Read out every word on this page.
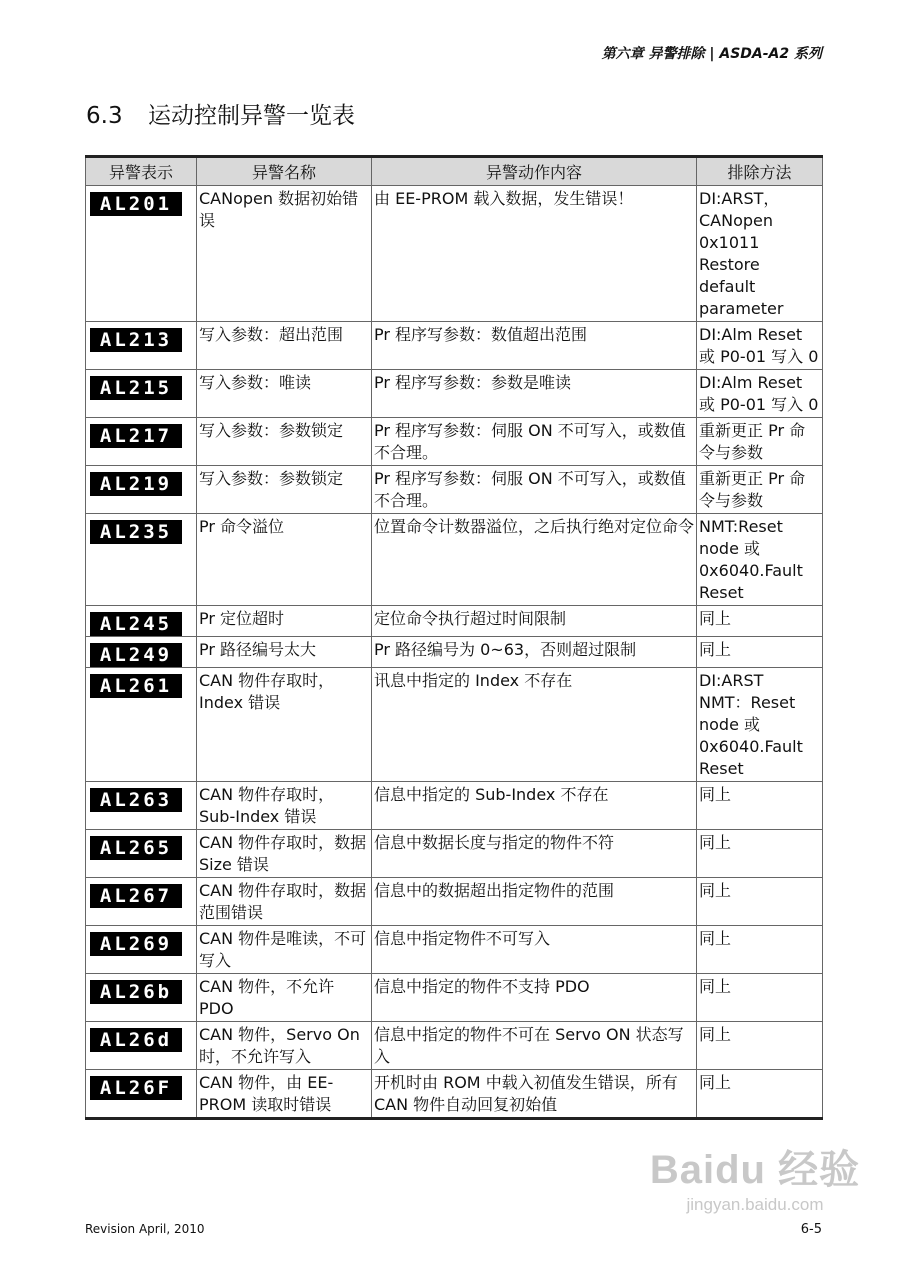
第六章 异警排除 | ASDA-A2 系列
6.3 运动控制异警一览表
异警表示	异警名称	异警动作内容	排除方法
AL201	CANopen 数据初始错误	由 EE-PROM 载入数据，发生错误！	DI:ARST，CANopen 0x1011 Restore default parameter
AL213	写入参数：超出范围	Pr 程序写参数：数值超出范围	DI:Alm Reset 或 P0-01 写入 0
AL215	写入参数：唯读	Pr 程序写参数：参数是唯读	DI:Alm Reset 或 P0-01 写入 0
AL217	写入参数：参数锁定	Pr 程序写参数：伺服 ON 不可写入，或数值不合理。	重新更正 Pr 命令与参数
AL219	写入参数：参数锁定	Pr 程序写参数：伺服 ON 不可写入，或数值不合理。	重新更正 Pr 命令与参数
AL235	Pr 命令溢位	位置命令计数器溢位，之后执行绝对定位命令	NMT:Reset node 或 0x6040.Fault Reset
AL245	Pr 定位超时	定位命令执行超过时间限制	同上
AL249	Pr 路径编号太大	Pr 路径编号为 0~63，否则超过限制	同上
AL261	CAN 物件存取时，Index 错误	讯息中指定的 Index 不存在	DI:ARST NMT：Reset node 或 0x6040.Fault Reset
AL263	CAN 物件存取时，Sub-Index 错误	信息中指定的 Sub-Index 不存在	同上
AL265	CAN 物件存取时，数据 Size 错误	信息中数据长度与指定的物件不符	同上
AL267	CAN 物件存取时，数据范围错误	信息中的数据超出指定物件的范围	同上
AL269	CAN 物件是唯读，不可写入	信息中指定物件不可写入	同上
AL26b	CAN 物件，不允许 PDO	信息中指定的物件不支持 PDO	同上
AL26d	CAN 物件，Servo On 时，不允许写入	信息中指定的物件不可在 Servo ON 状态写入	同上
AL26F	CAN 物件，由 EE-PROM 读取时错误	开机时由 ROM 中载入初值发生错误，所有 CAN 物件自动回复初始值	同上
Baidu 经验
jingyan.baidu.com
Revision April, 2010	6-5
